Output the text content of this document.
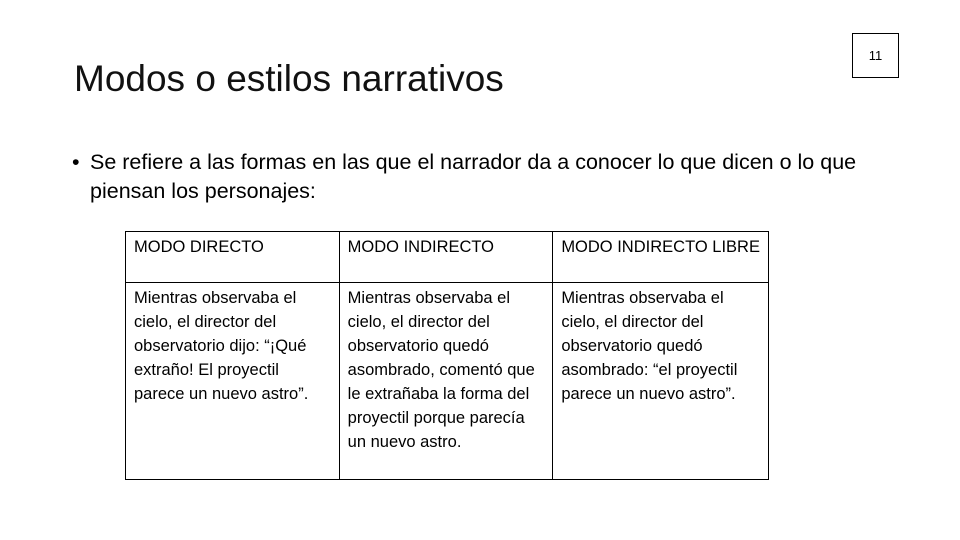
11
Modos o estilos narrativos
• Se refiere a las formas en las que el narrador da a conocer lo que dicen o lo que piensan los personajes:
MODO DIRECTO	MODO INDIRECTO	MODO INDIRECTO LIBRE

Mientras observaba el cielo, el director del observatorio dijo: “¡Qué extraño! El proyectil parece un nuevo astro”.	Mientras observaba el cielo, el director del observatorio quedó asombrado, comentó que le extrañaba la forma del proyectil porque parecía un nuevo astro.	Mientras observaba el cielo, el director del observatorio quedó asombrado: “el proyectil parece un nuevo astro”.
